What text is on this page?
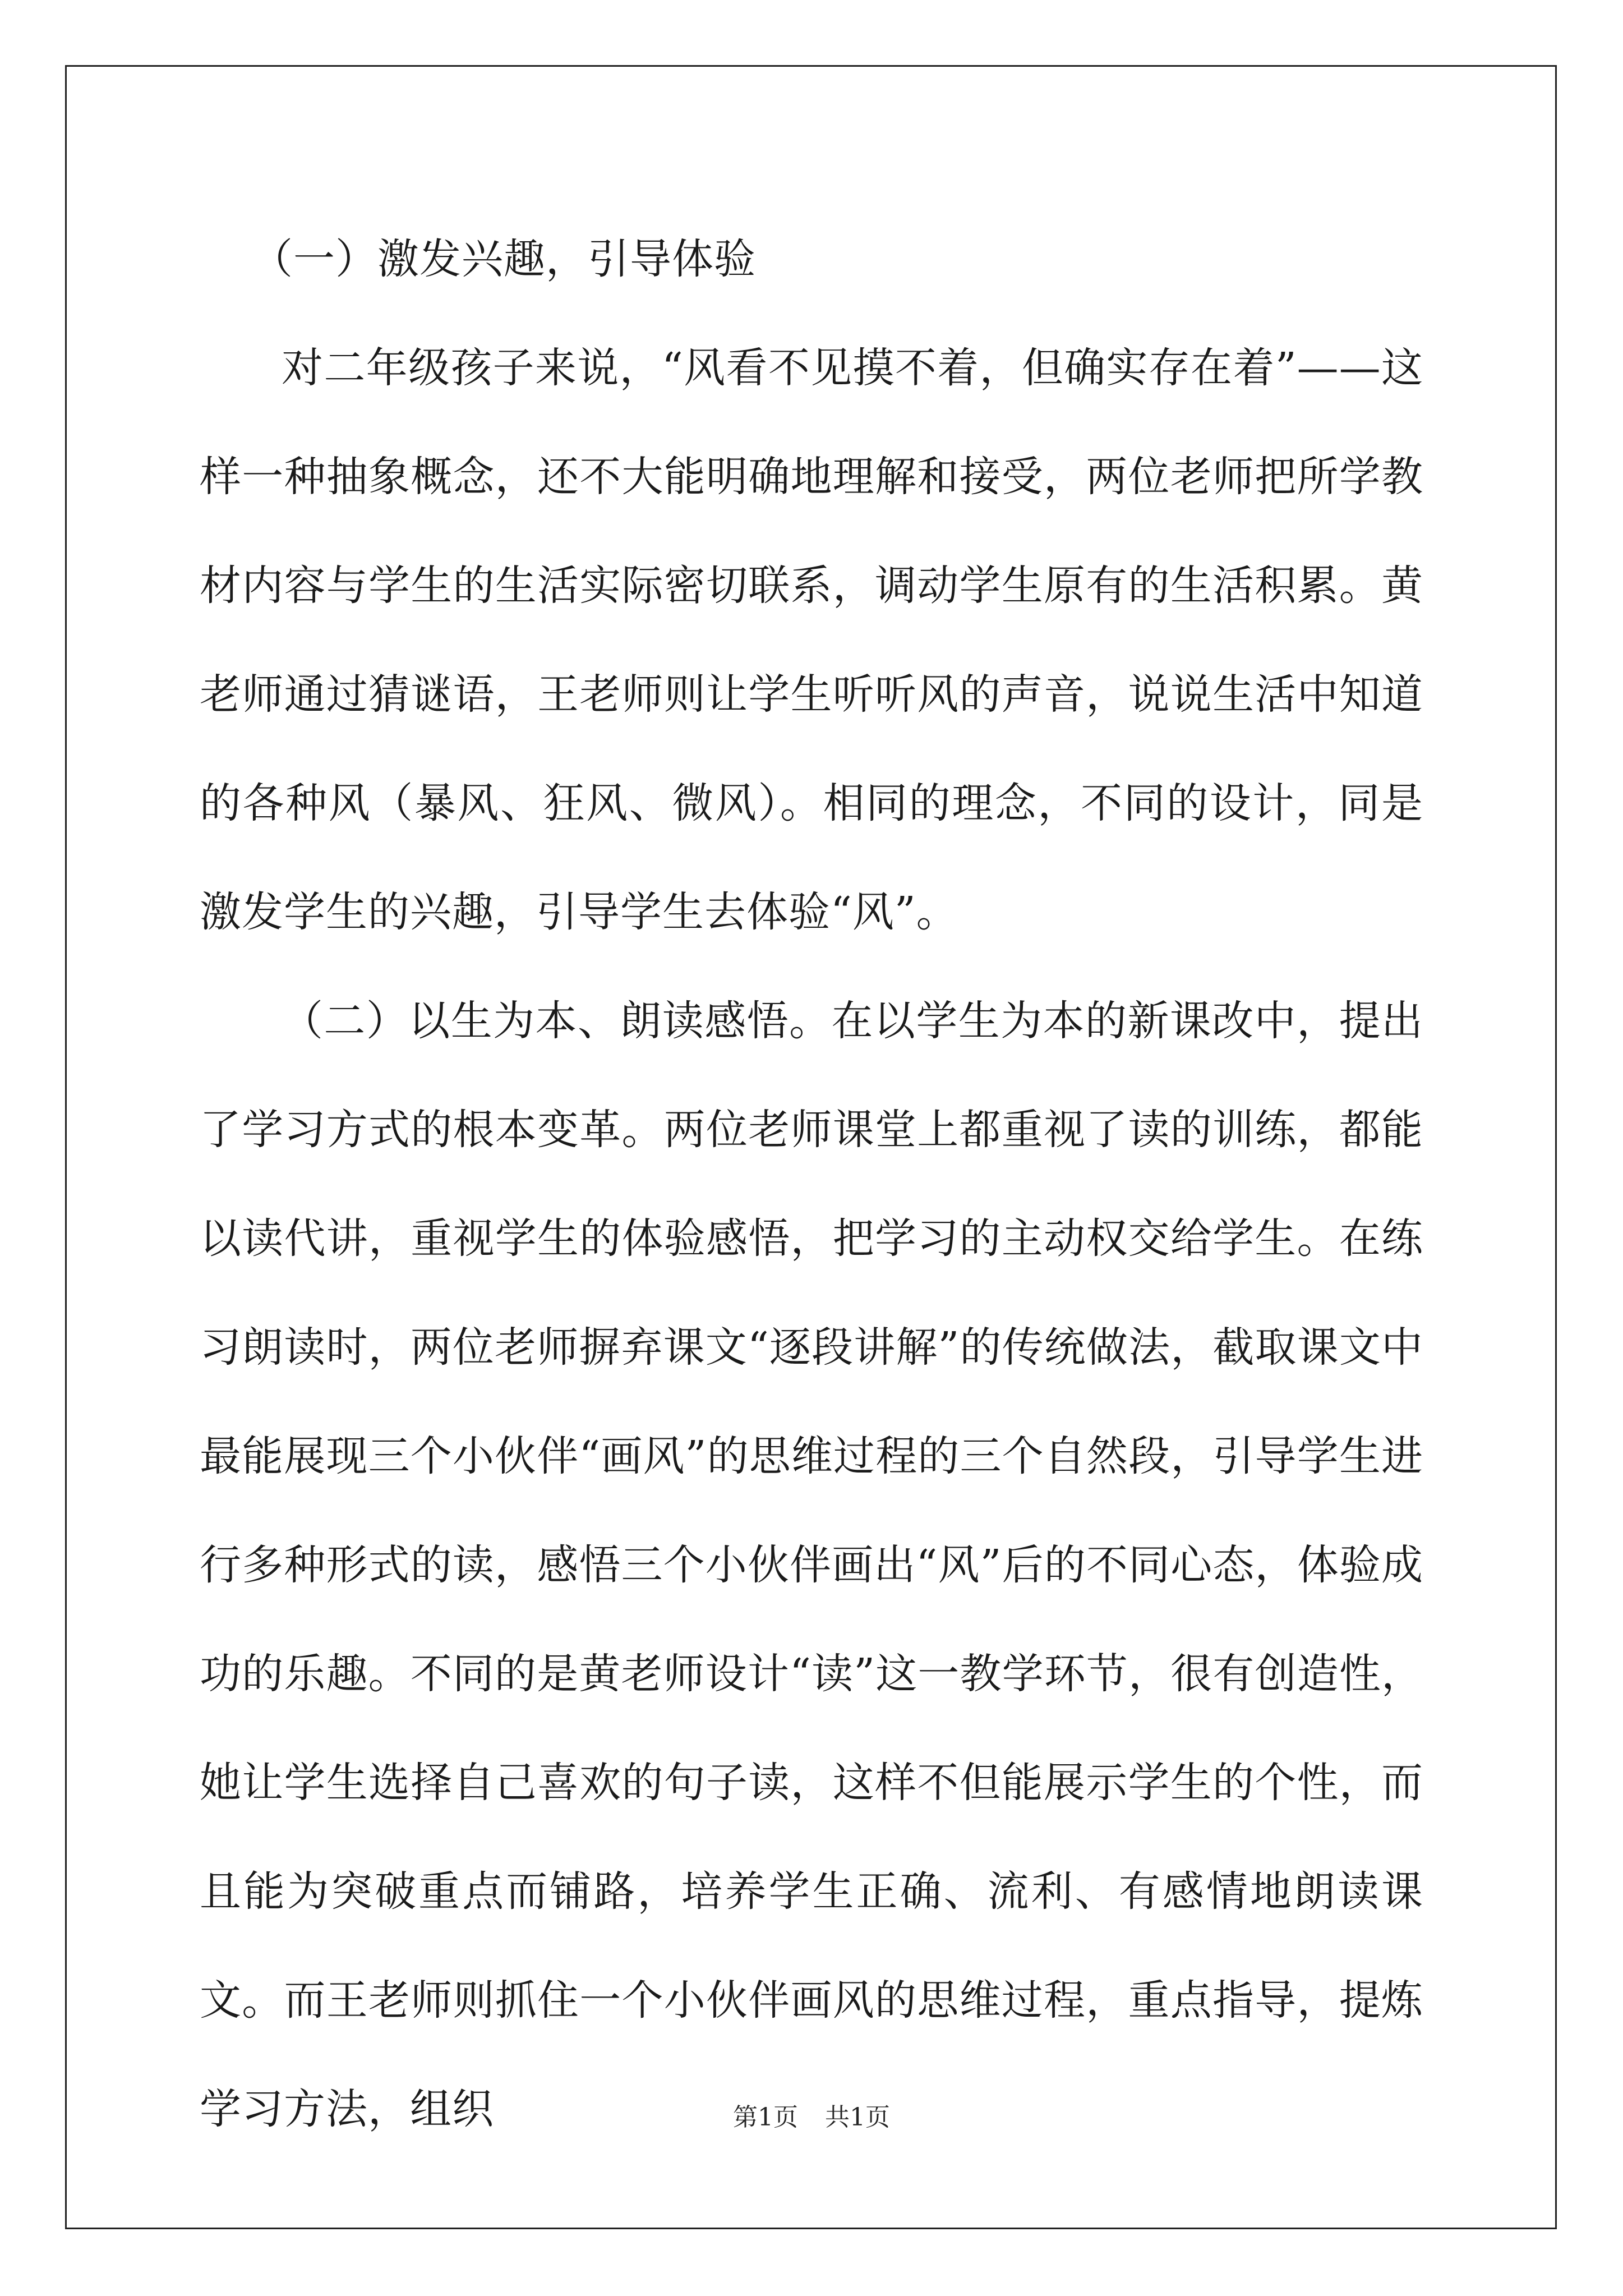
（一）激发兴趣，引导体验

对二年级孩子来说，“风看不见摸不着，但确实存在着”——这样一种抽象概念，还不大能明确地理解和接受，两位老师把所学教材内容与学生的生活实际密切联系，调动学生原有的生活积累。黄老师通过猜谜语，王老师则让学生听听风的声音，说说生活中知道的各种风（暴风、狂风、微风）。相同的理念，不同的设计，同是激发学生的兴趣，引导学生去体验“风”。

（二）以生为本、朗读感悟。在以学生为本的新课改中，提出了学习方式的根本变革。两位老师课堂上都重视了读的训练，都能以读代讲，重视学生的体验感悟，把学习的主动权交给学生。在练习朗读时，两位老师摒弃课文“逐段讲解”的传统做法，截取课文中最能展现三个小伙伴“画风”的思维过程的三个自然段，引导学生进行多种形式的读，感悟三个小伙伴画出“风”后的不同心态，体验成功的乐趣。不同的是黄老师设计“读”这一教学环节，很有创造性，她让学生选择自己喜欢的句子读，这样不但能展示学生的个性，而且能为突破重点而铺路，培养学生正确、流利、有感情地朗读课文。而王老师则抓住一个小伙伴画风的思维过程，重点指导，提炼学习方法，组织	第1页 共1页
